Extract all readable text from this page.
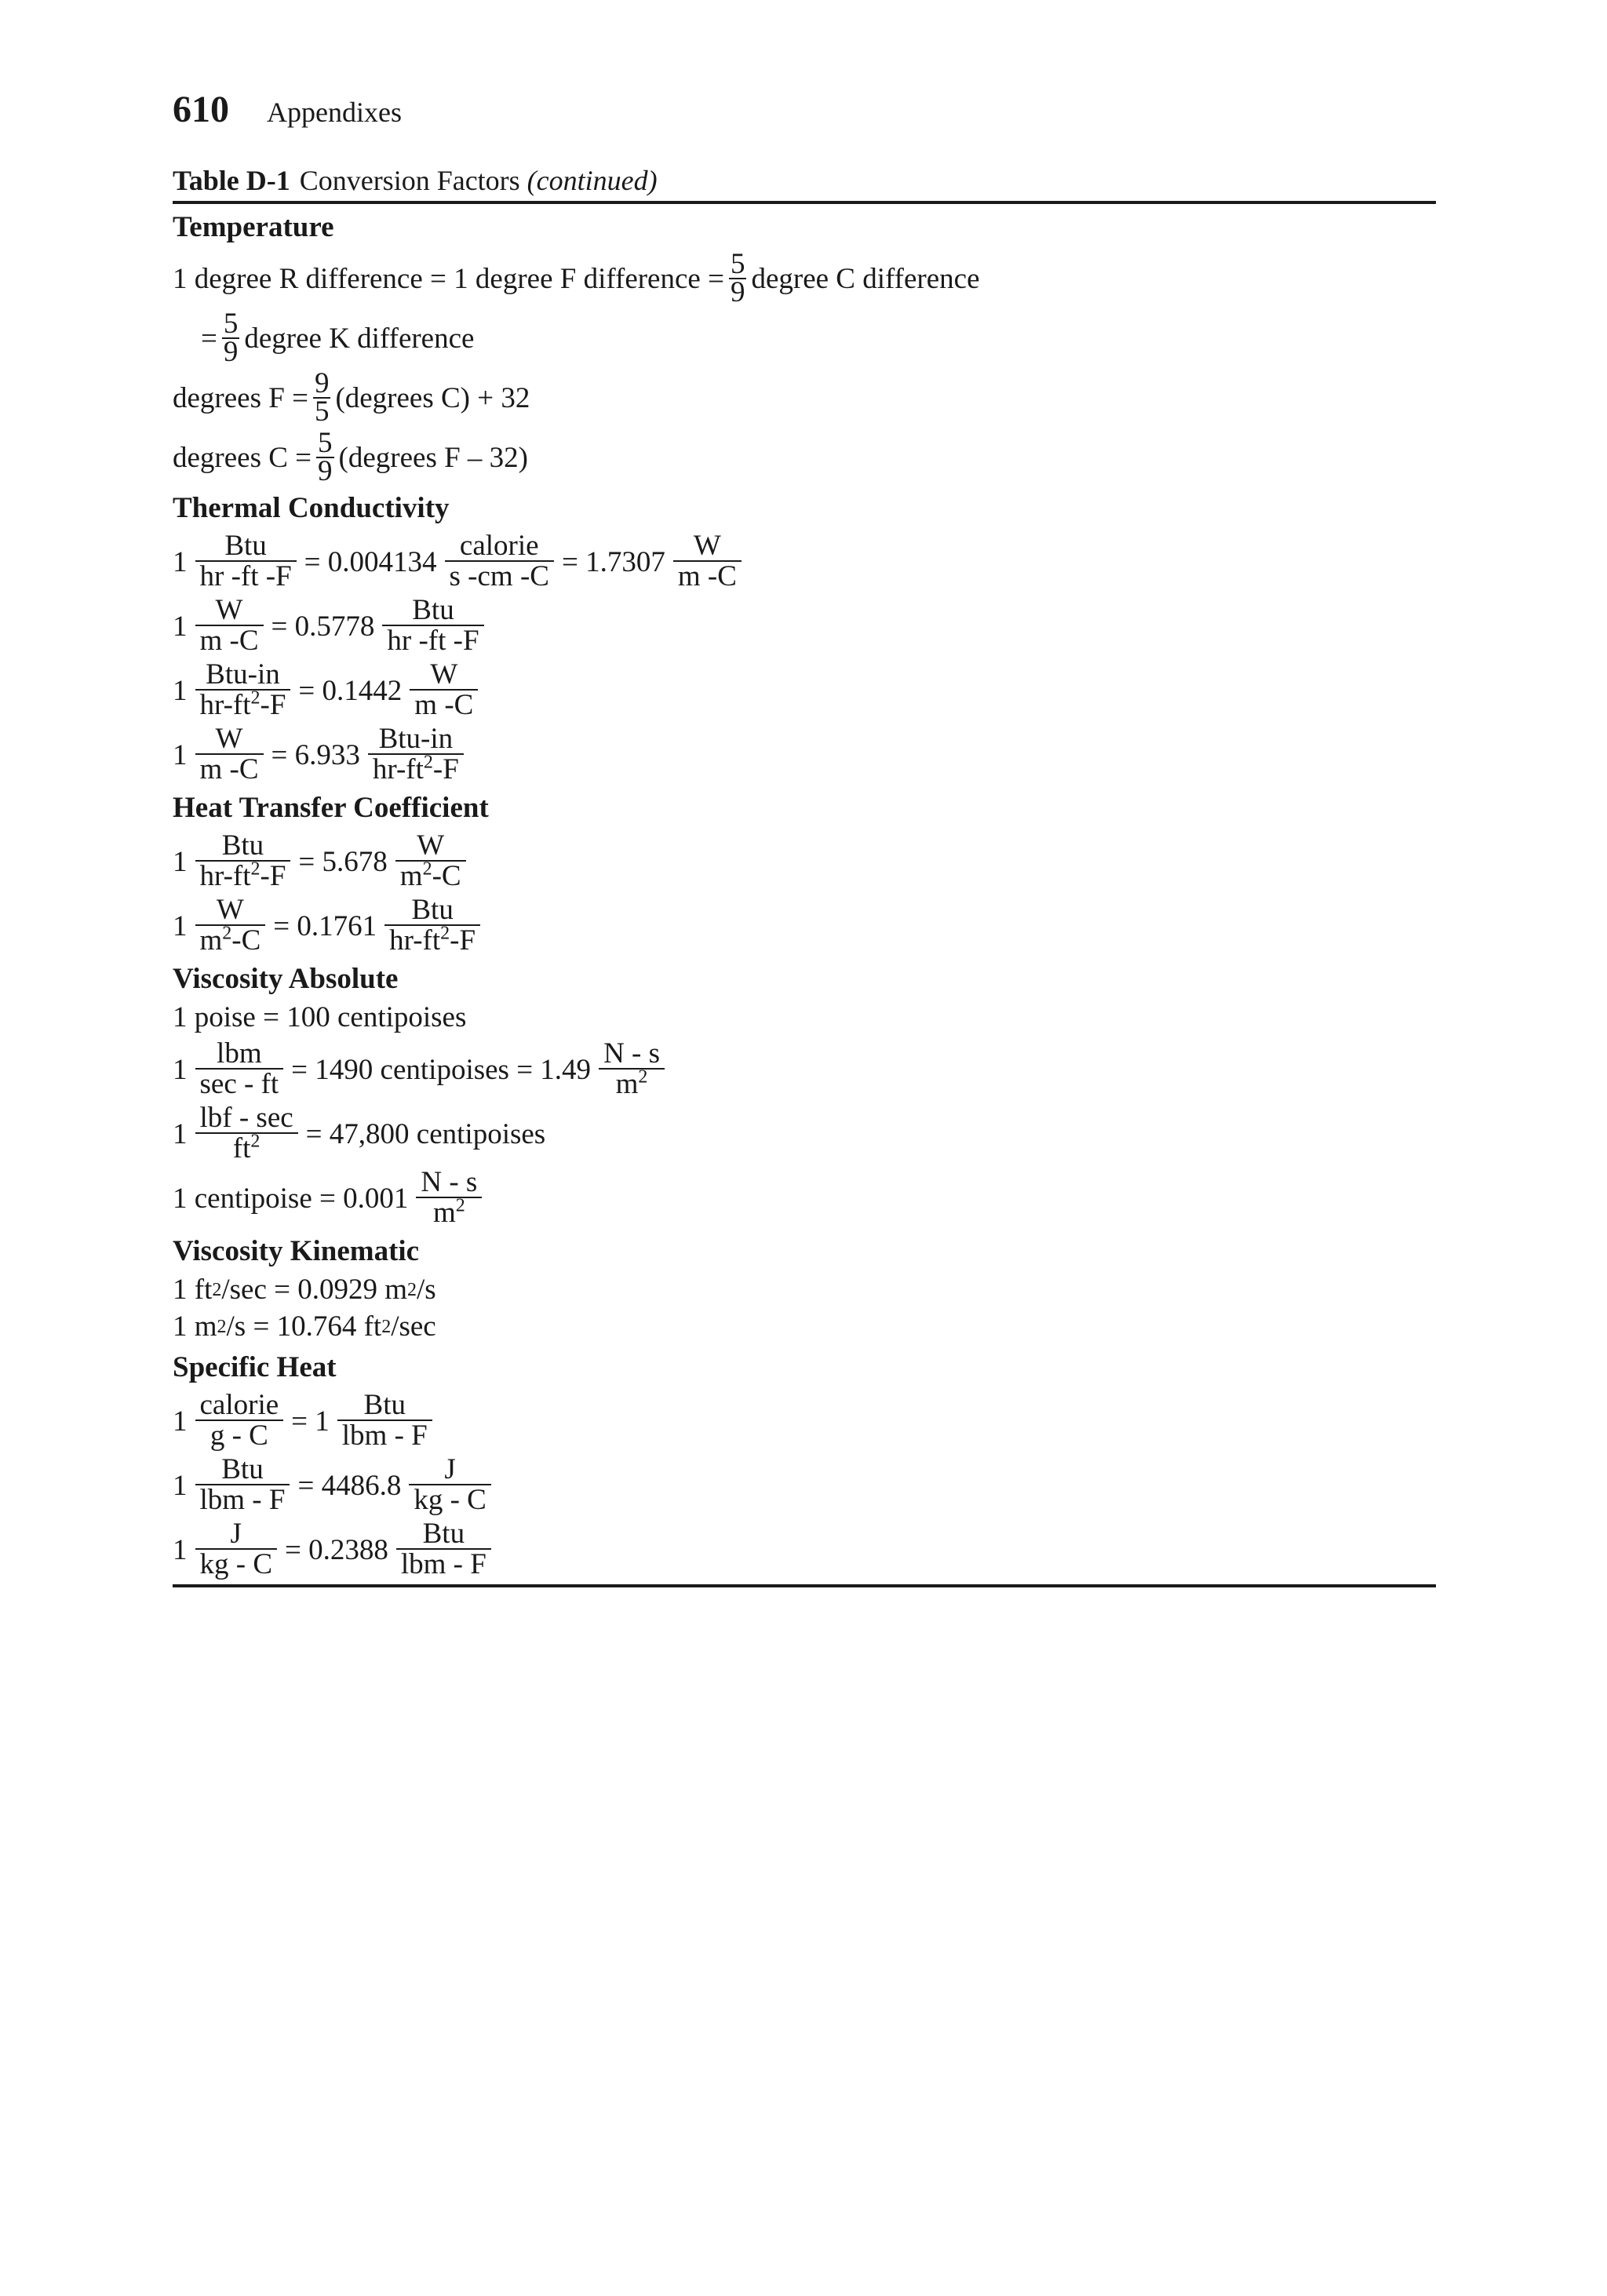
610 Appendixes
Table D-1 Conversion Factors (continued)
Temperature
1 degree R difference = 1 degree F difference = $\frac{5}{9}$ degree C difference
= $\frac{5}{9}$ degree K difference
degrees $F = \frac{9}{5}$ (degrees C) + 32
degrees $C = \frac{5}{9}$ (degrees F – 32)
Thermal Conductivity
1	Btu
hr -ft -F = 0.004134 calorie
s -cm -C = 1.7307 W
m -C
$1 \frac{W}{m -C} = 0.5778$	Btu
hr -ft -F
1 Btu-in
$hr-ft^2-F = 0.1442$ W
m -C
$1 \frac{W}{m -C} = 6.933$ Btu-in
$hr-ft^2-F$
Heat Transfer Coefficient
1	Btu
$hr-ft^2-F = 5.678$	W
$m^2-C$
$1 \frac{W}{m^2-C} = 0.1761$	Btu
$hr-ft^2-F$
Viscosity Absolute
1 poise = 100 centipoises
1	lbm
sec - ft = 1490 centipoises = 1.49 N - s
$m^2$
1 lbf - sec
$ft^2$	= 47,800 centipoises
1 centipoise = 0.001 N - s
$m^2$
Viscosity Kinematic
1 ft 2 /sec = 0.0929 m 2 /s
1 m 2 /s = 10.764 ft 2 /sec
Specific Heat
1 calorie
g - C = 1	Btu
lbm - F
1	Btu
lbm - F = 4486.8	J
kg - C
$1 \frac{J}{kg - C} = 0.2388$	Btu
lbm - F
